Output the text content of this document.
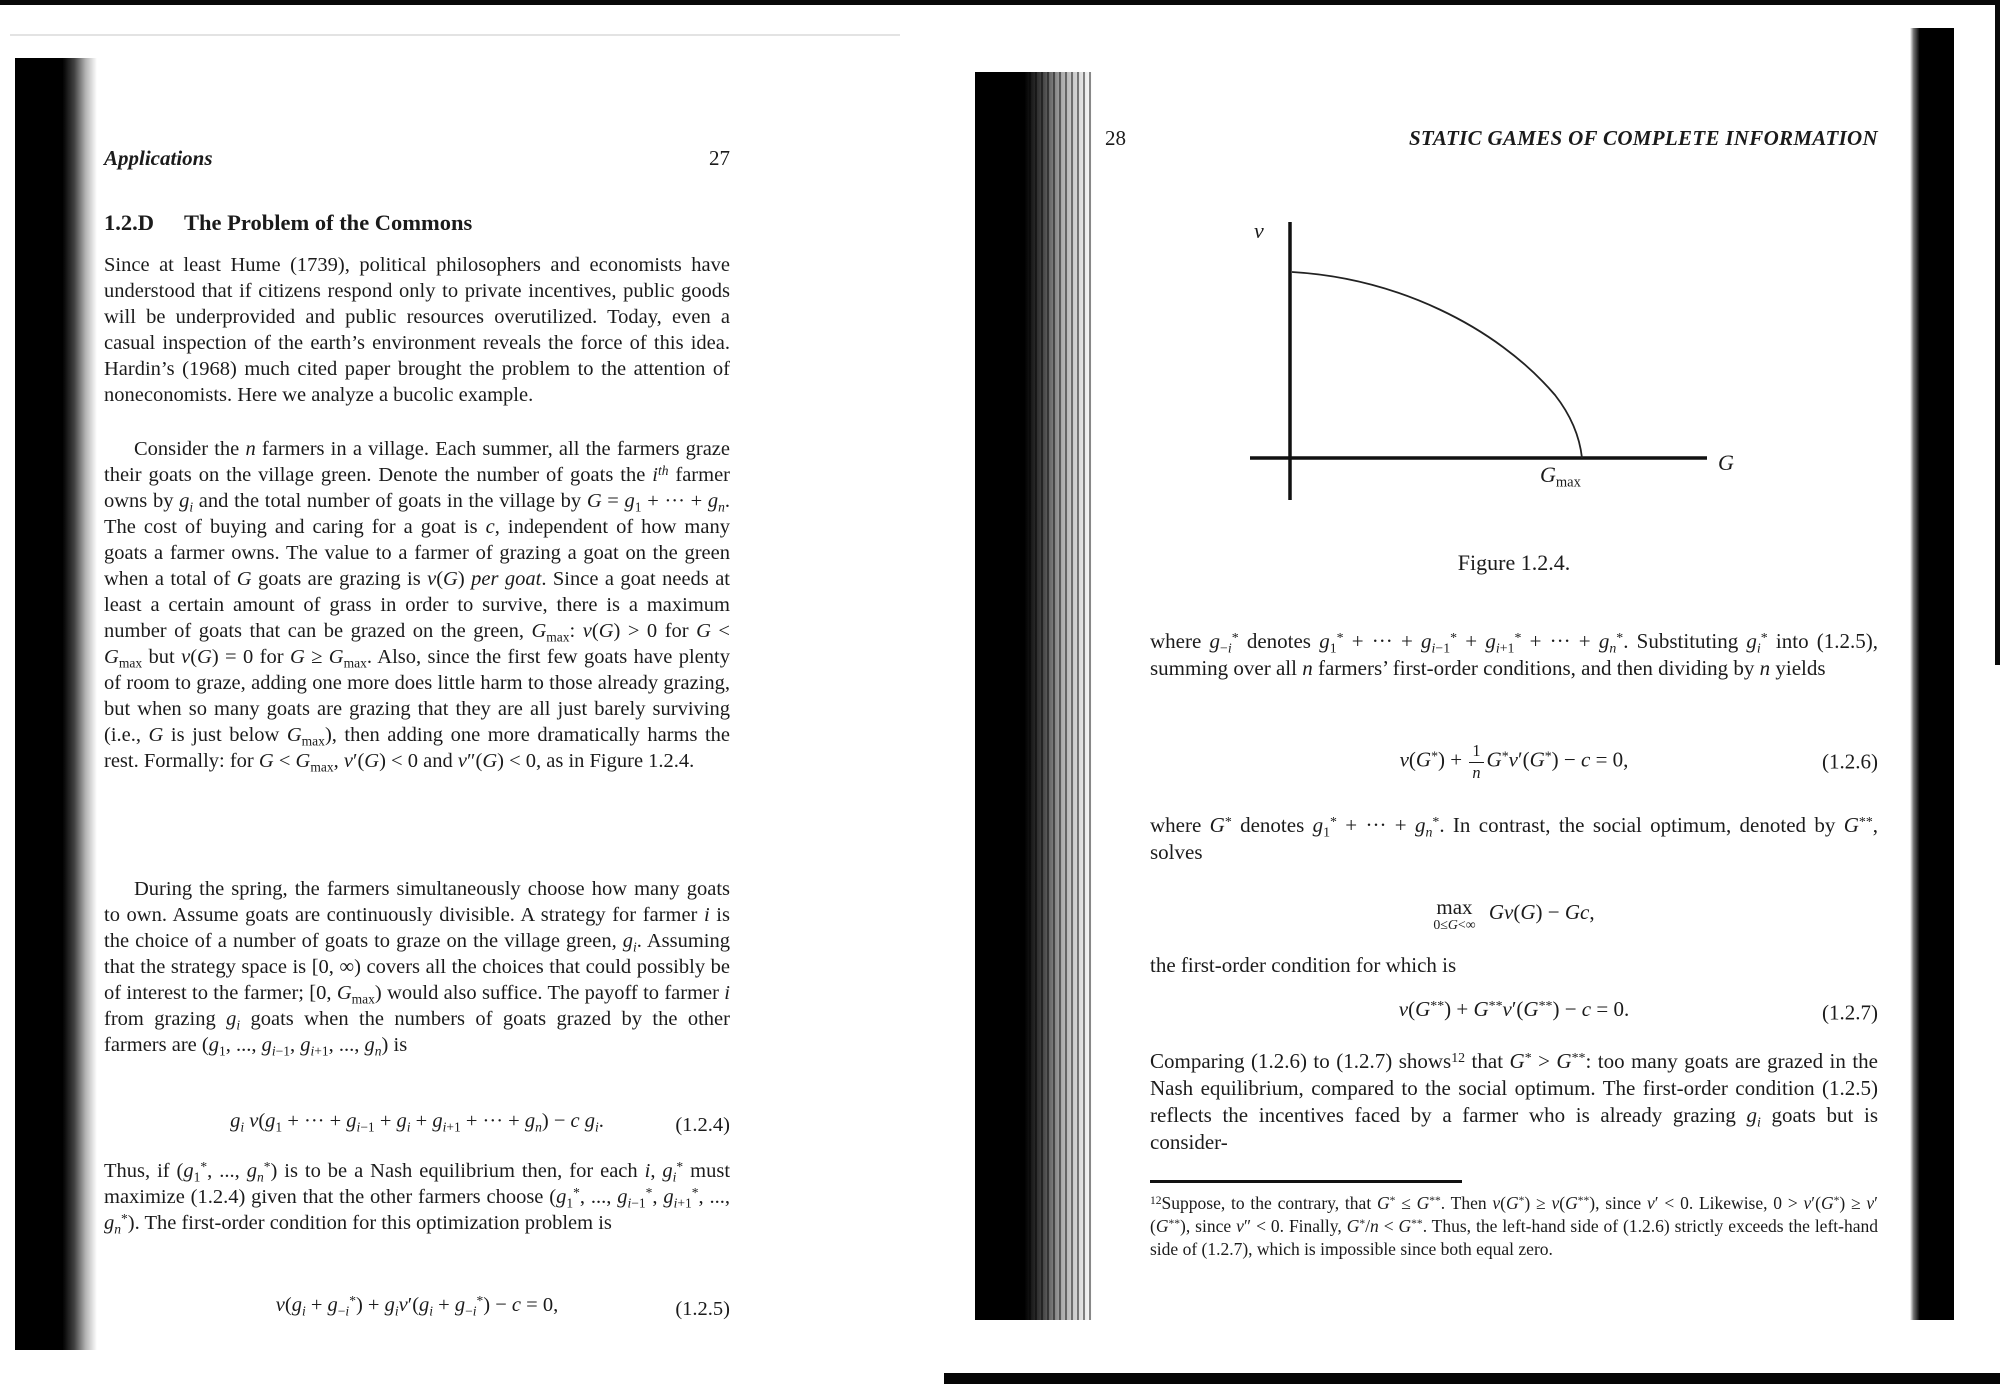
Applications	27
1.2.D The Problem of the Commons
Since at least Hume (1739), political philosophers and economists have understood that if citizens respond only to private incentives, public goods will be underprovided and public resources overutilized. Today, even a casual inspection of the earth’s environment reveals the force of this idea. Hardin’s (1968) much cited paper brought the problem to the attention of noneconomists. Here we analyze a bucolic example.
Consider the n farmers in a village. Each summer, all the farmers graze their goats on the village green. Denote the number of goats the $i^{th}$ farmer owns by $g_i$ and the total number of goats in the village by $G = g_1$ + ··· + $g_n$. The cost of buying and caring for a goat is c, independent of how many goats a farmer owns. The value to a farmer of grazing a goat on the green when a total of G goats are grazing is v(G) per goat. Since a goat needs at least a certain amount of grass in order to survive, there is a maximum number of goats that can be grazed on the green, $G_{max}$: v(G) > 0 for $G < G_{max}$ but v(G) = 0 for $G \ge G_{max}$. Also, since the first few goats have plenty of room to graze, adding one more does little harm to those already grazing, but when so many goats are grazing that they are all just barely surviving (i.e., G is just below $G_{max}$), then adding one more dramatically harms the rest. Formally: for $G < G_{max}$, v′(G) < 0 and v″(G) < 0, as in Figure 1.2.4.
During the spring, the farmers simultaneously choose how many goats to own. Assume goats are continuously divisible. A strategy for farmer i is the choice of a number of goats to graze on the village green, $g_i$. Assuming that the strategy space is [0, ∞) covers all the choices that could possibly be of interest to the farmer; [0, $G_{max}$) would also suffice. The payoff to farmer i from grazing $g_i$ goats when the numbers of goats grazed by the other farmers are ($g_1$, ..., $g_{i-1}$, $g_{i+1}$, ..., $g_n$) is
$g_i$ $v(g_1$ + ··· + $g_{i-1} + g_i + g_{i+1}$ + ··· + $g_n) - c$ $g_i$.	(1.2.4)
Thus, if ($g_1^*$, ..., $g_n^*$) is to be a Nash equilibrium then, for each i, $g_i^*$ must maximize (1.2.4) given that the other farmers choose ($g_1^*$, ..., $g_{i-1}^*$, $g_{i+1}^*$, ..., $g_n^*$). The first-order condition for this optimization problem is
$v(g_i + g_{-i}^*) + g_iv'(g_i + g_{-i}^*) - c = 0$,	(1.2.5)
28	STATIC GAMES OF COMPLETE INFORMATION
v
G
$G_{max}$
Figure 1.2.4.
where $g_{-i}^*$ denotes $g_1^*$ + ··· + $g_{i-1}^* + g_{i+1}^*$ + ··· + $g_n^*$. Substituting $g_i^*$ into (1.2.5), summing over all n farmers’ first-order conditions, and then dividing by n yields
$v(G^*) + \frac{1}{n} G^*v'(G^*) - c = 0$,	(1.2.6)
where G* denotes $g_1^*$ + ··· + $g_n^*$. In contrast, the social optimum, denoted by G**, solves
max
0≤G<∞
Gv(G) − Gc,
the first-order condition for which is
v(G**) + G**v′(G**) − c = 0.	(1.2.7)
Comparing (1.2.6) to (1.2.7) shows$^{12}$ that G* > G**: too many goats are grazed in the Nash equilibrium, compared to the social optimum. The first-order condition (1.2.5) reflects the incentives faced by a farmer who is already grazing $g_i$ goats but is consider-
$^{12}$Suppose, to the contrary, that G* ≤ G**. Then v(G*) ≥ v(G**), since v′ < 0. Likewise, 0 > v′(G*) ≥ v′(G**), since v″ < 0. Finally, G*/n < G**. Thus, the left-hand side of (1.2.6) strictly exceeds the left-hand side of (1.2.7), which is impossible since both equal zero.
